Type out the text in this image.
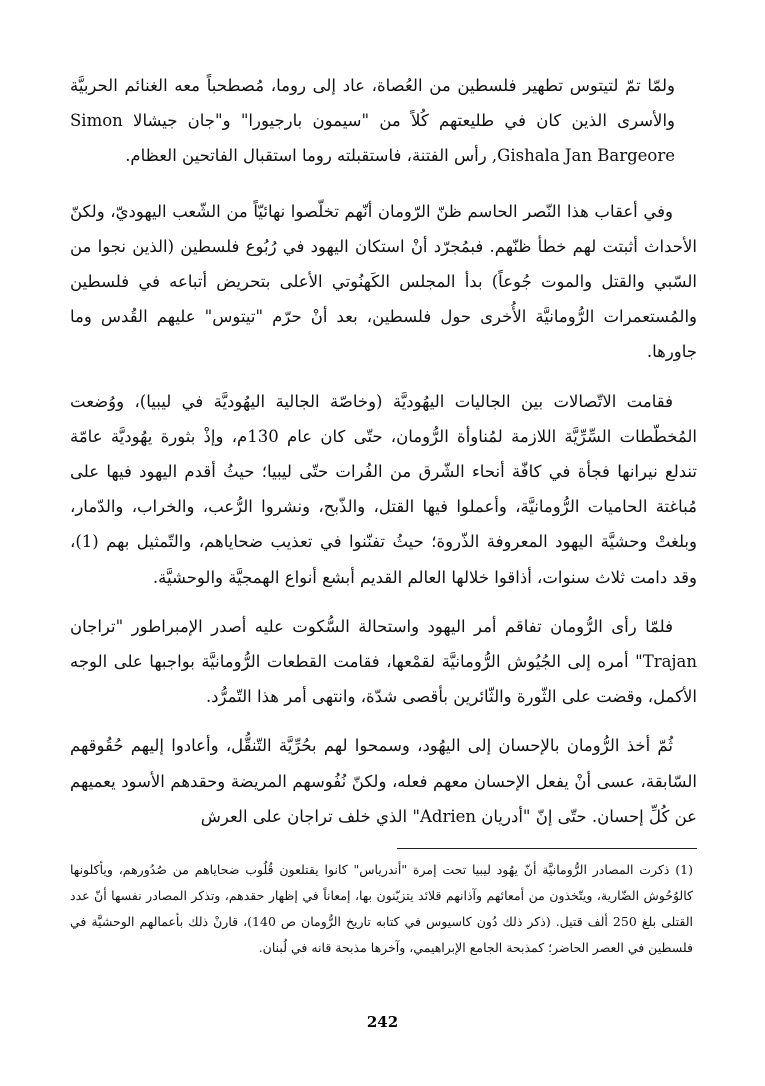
ولمّا تمّ لتيتوس تطهير فلسطين من العُصاة، عاد إلى روما، مُصطحباً معه الغنائم الحربيَّة والأسرى الذين كان في طليعتهم كُلاً من "سيمون بارجيورا" و"جان جيشالا Simon Gishala Jan Bargeore, رأس الفتنة، فاستقبلته روما استقبال الفاتحين العظام.

وفي أعقاب هذا النّصر الحاسم ظنّ الرّومان أنّهم تخلّصوا نهائيّاً من الشّعب اليهوديّ، ولكنّ الأحداث أثبتت لهم خطأ ظنّهم. فبمُجرّد أنْ استكان اليهود في رُبُوع فلسطين (الذين نجوا من السّبي والقتل والموت جُوعاً) بدأ المجلس الكَهنُوتي الأعلى بتحريض أتباعه في فلسطين والمُستعمرات الرُّومانيَّة الأُخرى حول فلسطين، بعد أنْ حرّم "تيتوس" عليهم القُدس وما جاورها.

فقامت الاتّصالات بين الجاليات اليهُوديَّة (وخاصّة الجالية اليهُوديَّة في ليبيا)، ووُضعت المُخطّطات السِّرِّيَّة اللازمة لمُناوأة الرُّومان، حتّى كان عام 130م، وإذْ بثورة يهُوديَّة عامّة تندلع نيرانها فجأة في كافّة أنحاء الشّرق من الفُرات حتّى ليبيا؛ حيثُ أقدم اليهود فيها على مُباغتة الحاميات الرُّومانيَّة، وأعملوا فيها القتل، والذّبح، ونشروا الرُّعب، والخراب، والدّمار، وبلغتْ وحشيَّة اليهود المعروفة الذّروة؛ حيثُ تفنّنوا في تعذيب ضحاياهم، والتّمثيل بهم (1)، وقد دامت ثلاث سنوات، أذاقوا خلالها العالم القديم أبشع أنواع الهمجيَّة والوحشيَّة.

فلمّا رأى الرُّومان تفاقم أمر اليهود واستحالة السُّكوت عليه أصدر الإمبراطور "تراجان Trajan" أمره إلى الجُيُوش الرُّومانيَّة لقمْعها، فقامت القطعات الرُّومانيَّة بواجبها على الوجه الأكمل، وقضت على الثّورة والثّائرين بأقصى شدّة، وانتهى أمر هذا التّمرُّد.

ثُمّ أخذ الرُّومان بالإحسان إلى اليهُود، وسمحوا لهم بحُرِّيَّة التّنقُّل، وأعادوا إليهم حُقُوقهم السّابقة، عسى أنْ يفعل الإحسان معهم فعله، ولكنّ نُفُوسهم المريضة وحقدهم الأسود يعميهم عن كُلِّ إحسان. حتّى إنّ "أدريان Adrien" الذي خلف تراجان على العرش

(1) ذكرت المصادر الرُّومانيَّة أنّ يهُود ليبيا تحت إمرة "أندرياس" كانوا يقتلعون قُلُوب ضحاياهم من صُدُورهم، ويأكلونها كالوُحُوش الضّارية، ويتّخذون من أمعائهم وآذانهم قلائد يتزيّنون بها، إمعاناً في إظهار حقدهم، وتذكر المصادر نفسها أنّ عدد القتلى بلغ 250 ألف قتيل. (ذكر ذلك دُون كاسيوس في كتابه تاريخ الرُّومان ص 140)، قارنْ ذلك بأعمالهم الوحشيَّة في فلسطين في العصر الحاضر؛ كمذبحة الجامع الإبراهيمي، وآخرها مذبحة قانه في لُبنان.

242
